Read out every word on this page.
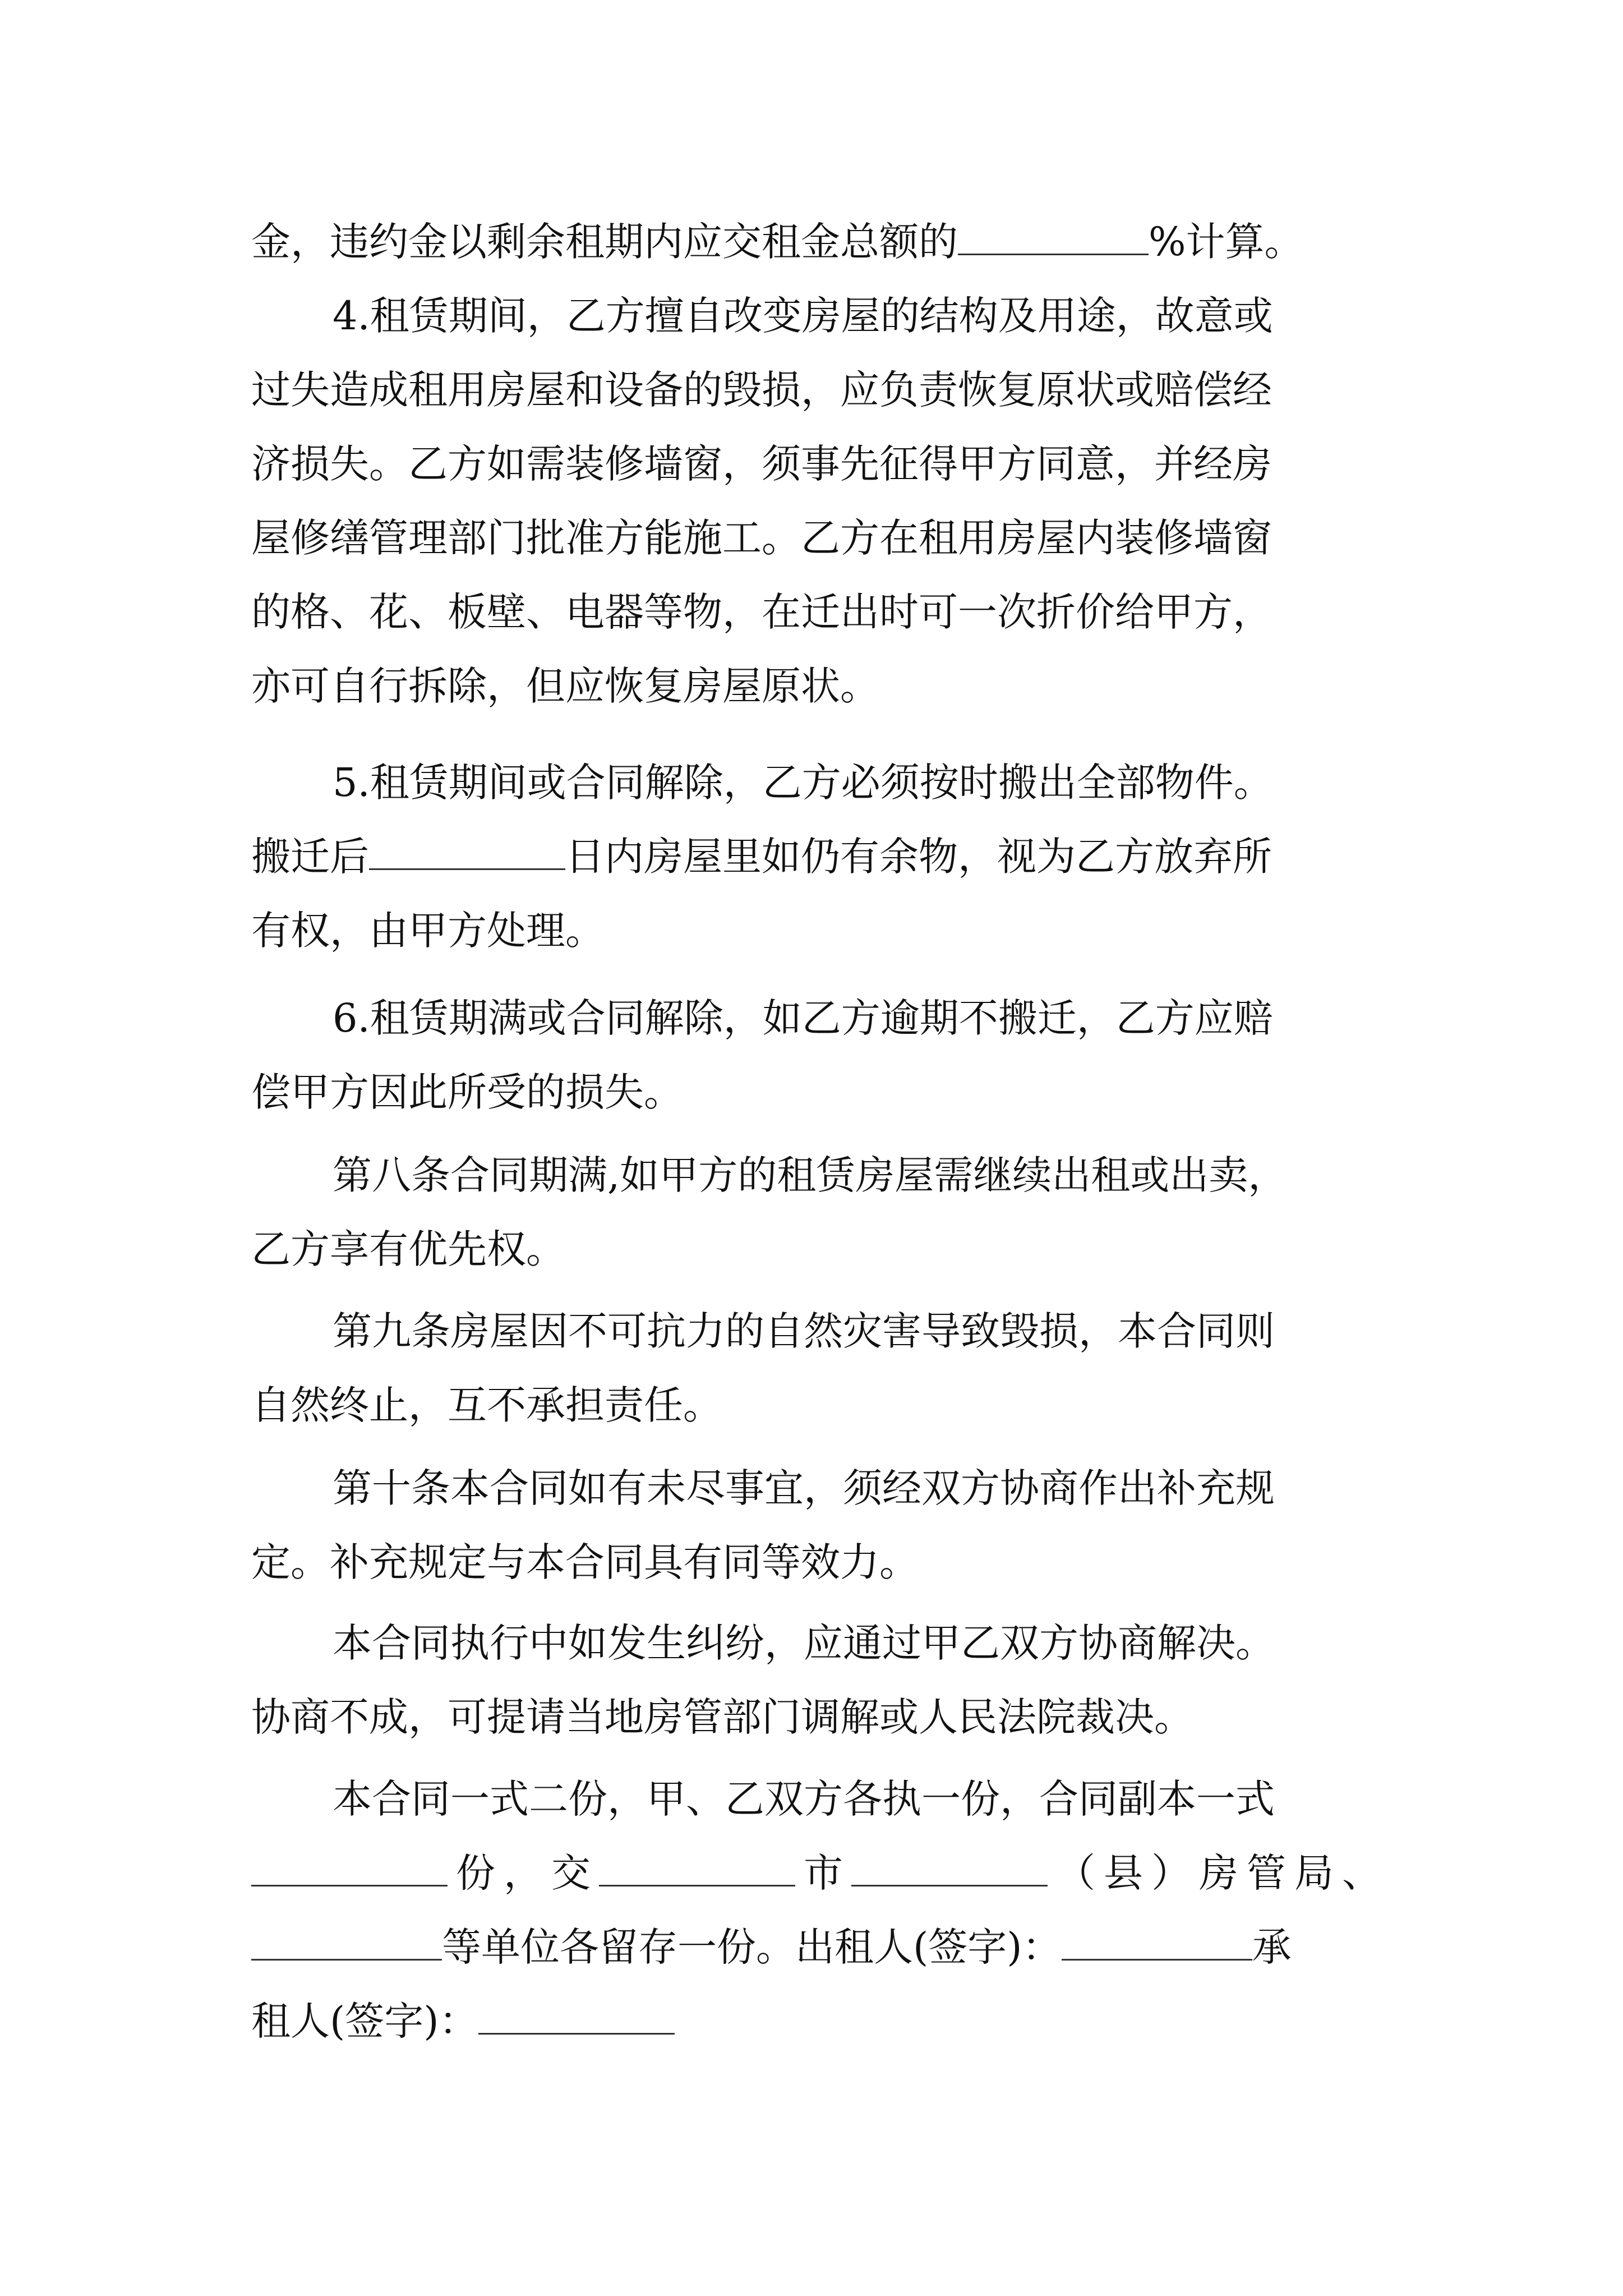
金，违约金以剩余租期内应交租金总额的	%计算。
4.租赁期间，乙方擅自改变房屋的结构及用途，故意或
过失造成租用房屋和设备的毁损，应负责恢复原状或赔偿经
济损失。乙方如需装修墙窗，须事先征得甲方同意，并经房
屋修缮管理部门批准方能施工。乙方在租用房屋内装修墙窗
的格、花、板壁、电器等物，在迁出时可一次折价给甲方，
亦可自行拆除，但应恢复房屋原状。
5.租赁期间或合同解除，乙方必须按时搬出全部物件。
搬迁后	日内房屋里如仍有余物，视为乙方放弃所
有权，由甲方处理。
6.租赁期满或合同解除，如乙方逾期不搬迁，乙方应赔
偿甲方因此所受的损失。
第八条合同期满,如甲方的租赁房屋需继续出租或出卖，
乙方享有优先权。
第九条房屋因不可抗力的自然灾害导致毁损，本合同则
自然终止，互不承担责任。
第十条本合同如有未尽事宜，须经双方协商作出补充规
定。补充规定与本合同具有同等效力。
本合同执行中如发生纠纷，应通过甲乙双方协商解决。
协商不成，可提请当地房管部门调解或人民法院裁决。
本合同一式二份，甲、乙双方各执一份，合同副本一式
份，交	市	（县）房管局、
等单位各留存一份。出租人(签字)：	承
租人(签字)：
